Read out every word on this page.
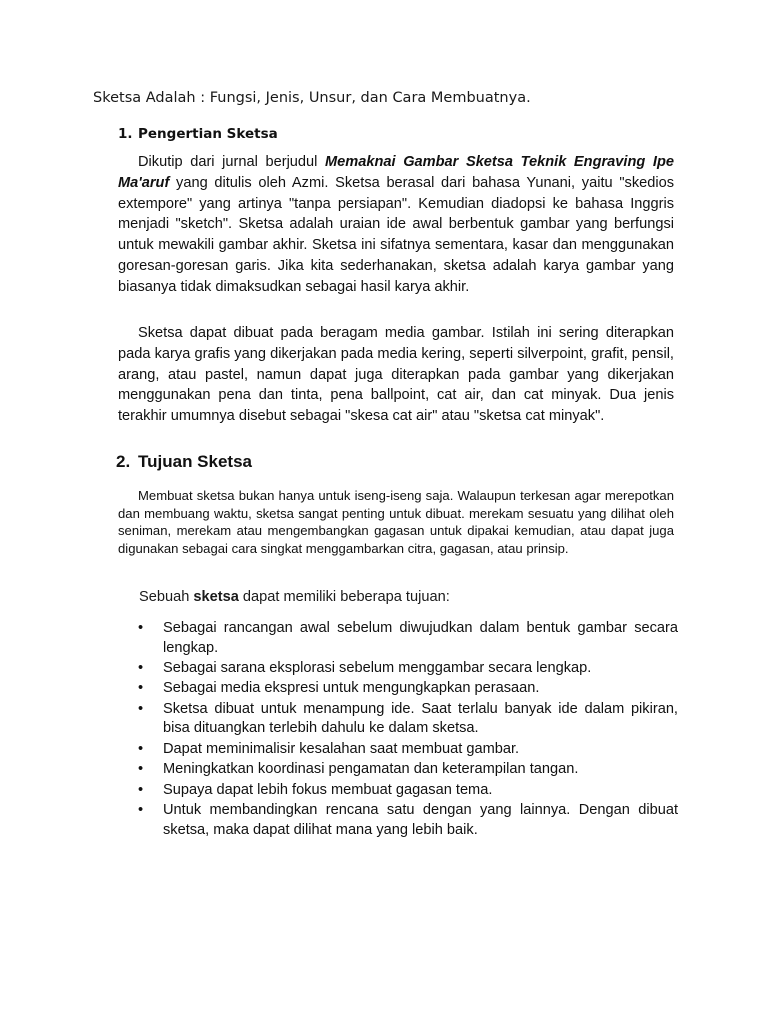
Sketsa Adalah : Fungsi, Jenis, Unsur, dan Cara Membuatnya.
1. Pengertian Sketsa

Dikutip dari jurnal berjudul Memaknai Gambar Sketsa Teknik Engraving Ipe Ma'aruf yang ditulis oleh Azmi. Sketsa berasal dari bahasa Yunani, yaitu "skedios extempore" yang artinya "tanpa persiapan". Kemudian diadopsi ke bahasa Inggris menjadi "sketch". Sketsa adalah uraian ide awal berbentuk gambar yang berfungsi untuk mewakili gambar akhir. Sketsa ini sifatnya sementara, kasar dan menggunakan goresan-goresan garis. Jika kita sederhanakan, sketsa adalah karya gambar yang biasanya tidak dimaksudkan sebagai hasil karya akhir.

Sketsa dapat dibuat pada beragam media gambar. Istilah ini sering diterapkan pada karya grafis yang dikerjakan pada media kering, seperti silverpoint, grafit, pensil, arang, atau pastel, namun dapat juga diterapkan pada gambar yang dikerjakan menggunakan pena dan tinta, pena ballpoint, cat air, dan cat minyak. Dua jenis terakhir umumnya disebut sebagai "skesa cat air" atau "sketsa cat minyak".

2. Tujuan Sketsa

Membuat sketsa bukan hanya untuk iseng-iseng saja. Walaupun terkesan agar merepotkan dan membuang waktu, sketsa sangat penting untuk dibuat. merekam sesuatu yang dilihat oleh seniman, merekam atau mengembangkan gagasan untuk dipakai kemudian, atau dapat juga digunakan sebagai cara singkat menggambarkan citra, gagasan, atau prinsip.

Sebuah sketsa dapat memiliki beberapa tujuan:
•	Sebagai rancangan awal sebelum diwujudkan dalam bentuk gambar secara lengkap.
•	Sebagai sarana eksplorasi sebelum menggambar secara lengkap.
•	Sebagai media ekspresi untuk mengungkapkan perasaan.
•	Sketsa dibuat untuk menampung ide. Saat terlalu banyak ide dalam pikiran, bisa dituangkan terlebih dahulu ke dalam sketsa.
•	Dapat meminimalisir kesalahan saat membuat gambar.
•	Meningkatkan koordinasi pengamatan dan keterampilan tangan.
•	Supaya dapat lebih fokus membuat gagasan tema.
•	Untuk membandingkan rencana satu dengan yang lainnya. Dengan dibuat sketsa, maka dapat dilihat mana yang lebih baik.
